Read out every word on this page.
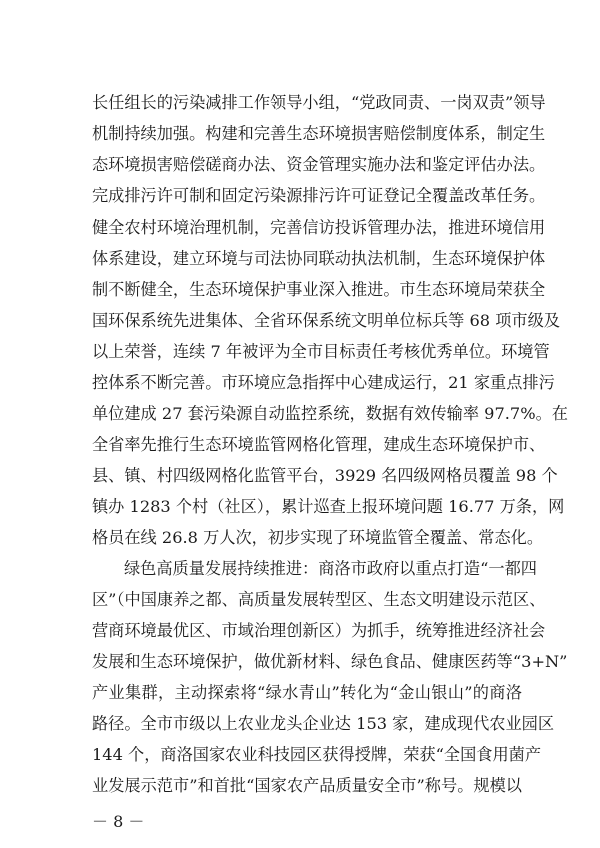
长任组长的污染减排工作领导小组，“党政同责、一岗双责”领导
机制持续加强。构建和完善生态环境损害赔偿制度体系，制定生
态环境损害赔偿磋商办法、资金管理实施办法和鉴定评估办法。
完成排污许可制和固定污染源排污许可证登记全覆盖改革任务。
健全农村环境治理机制，完善信访投诉管理办法，推进环境信用
体系建设，建立环境与司法协同联动执法机制，生态环境保护体
制不断健全，生态环境保护事业深入推进。市生态环境局荣获全
国环保系统先进集体、全省环保系统文明单位标兵等 68 项市级及
以上荣誉，连续 7 年被评为全市目标责任考核优秀单位。环境管
控体系不断完善。市环境应急指挥中心建成运行，21 家重点排污
单位建成 27 套污染源自动监控系统，数据有效传输率 97.7%。在
全省率先推行生态环境监管网格化管理，建成生态环境保护市、
县、镇、村四级网格化监管平台，3929 名四级网格员覆盖 98 个
镇办 1283 个村（社区），累计巡查上报环境问题 16.77 万条，网
格员在线 26.8 万人次，初步实现了环境监管全覆盖、常态化。
绿色高质量发展持续推进：商洛市政府以重点打造“一都四
区”（中国康养之都、高质量发展转型区、生态文明建设示范区、
营商环境最优区、市域治理创新区）为抓手，统筹推进经济社会
发展和生态环境保护，做优新材料、绿色食品、健康医药等“3+N”
产业集群，主动探索将“绿水青山”转化为“金山银山”的商洛
路径。全市市级以上农业龙头企业达 153 家，建成现代农业园区
144 个，商洛国家农业科技园区获得授牌，荣获“全国食用菌产
业发展示范市”和首批“国家农产品质量安全市”称号。规模以
－ 8 －
